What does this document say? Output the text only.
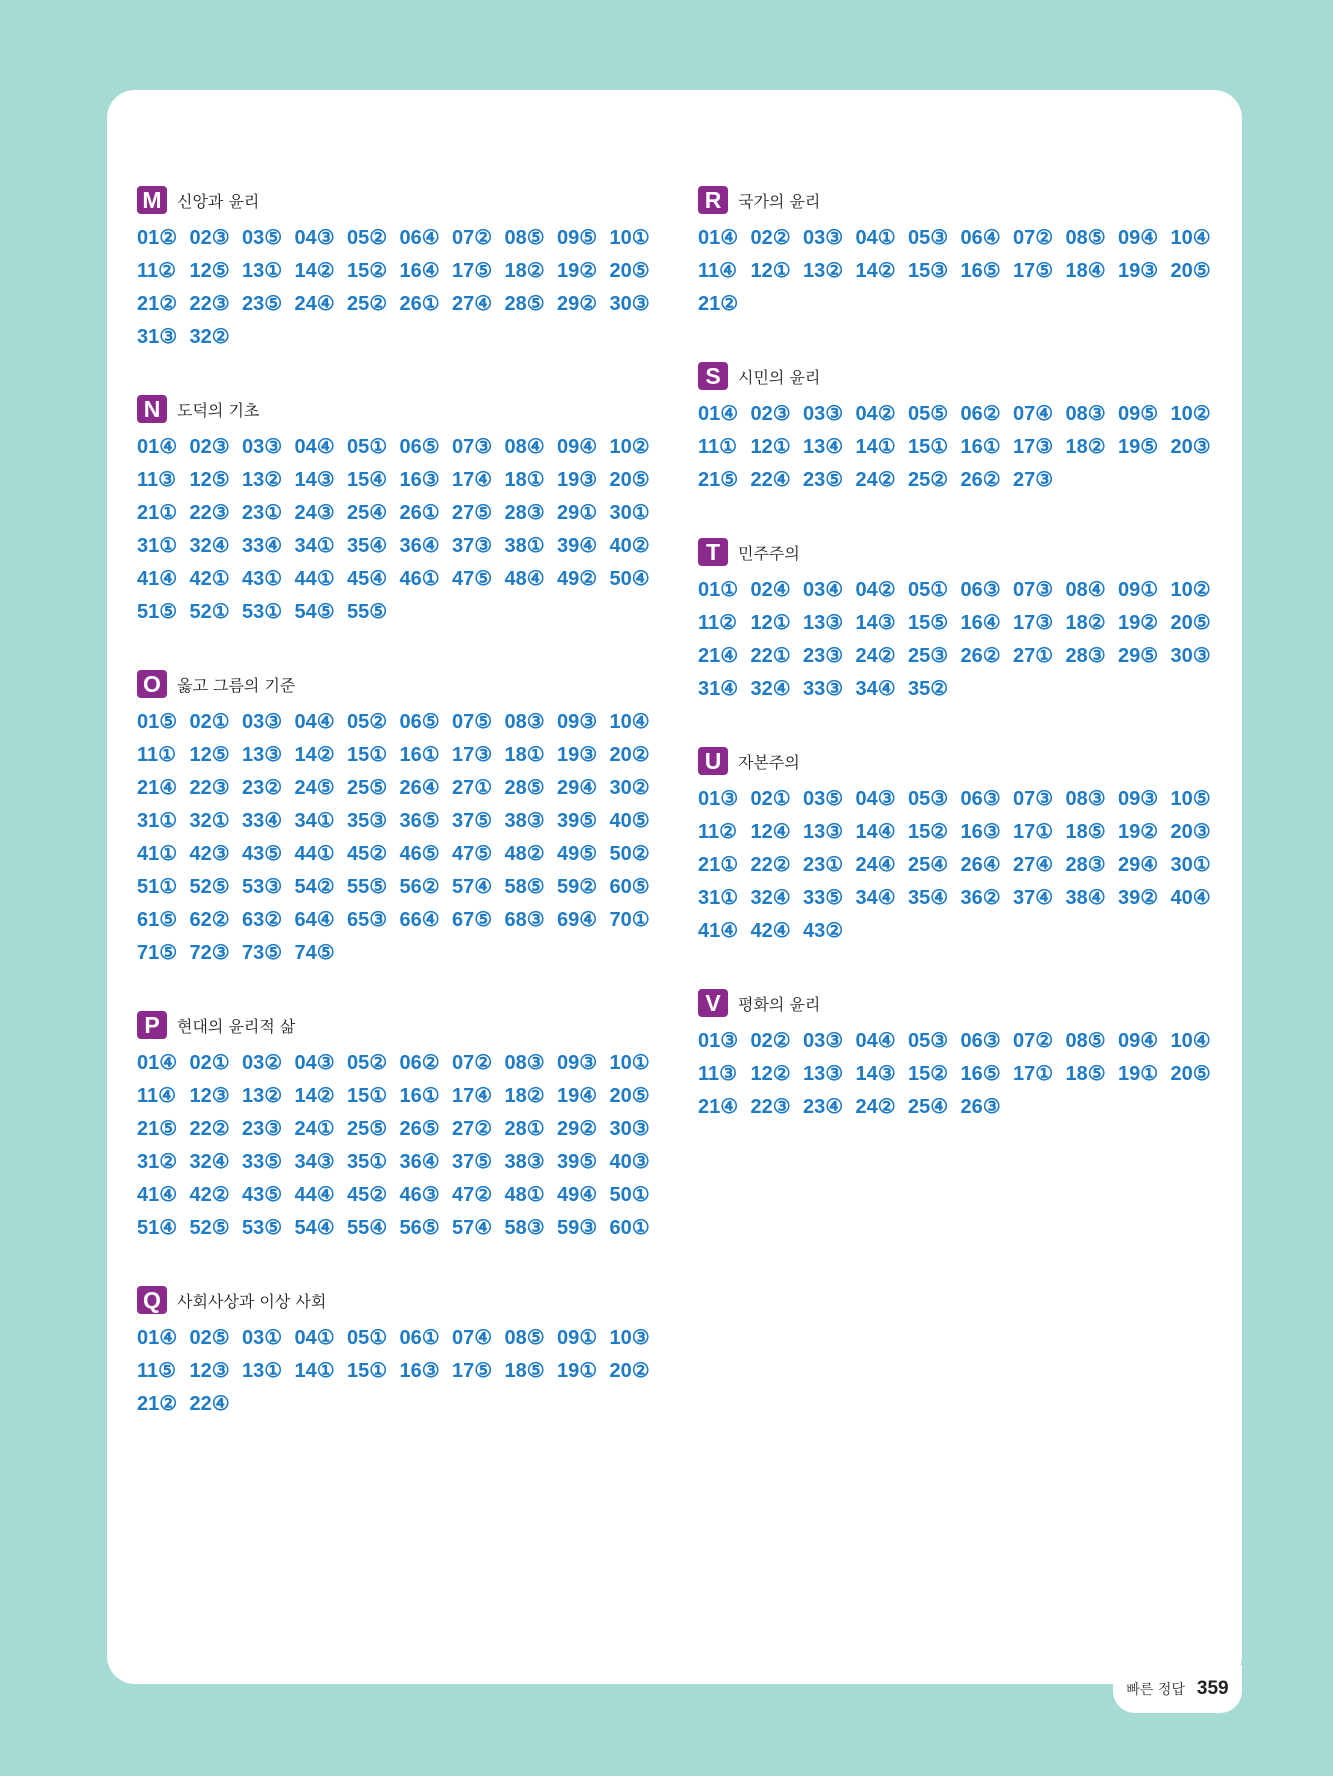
빠른 정답 359
M 신앙과 윤리
01② 02③ 03⑤ 04③ 05② 06④ 07② 08⑤ 09⑤ 10①
11② 12⑤ 13① 14② 15② 16④ 17⑤ 18② 19② 20⑤
21② 22③ 23⑤ 24④ 25② 26① 27④ 28⑤ 29② 30③
31③ 32②
N	도덕의 기초
01④ 02③ 03③ 04④ 05① 06⑤ 07③ 08④ 09④ 10②
11③ 12⑤ 13② 14③ 15④ 16③ 17④ 18① 19③ 20⑤
21① 22③ 23① 24③ 25④ 26① 27⑤ 28③ 29① 30①
31① 32④ 33④ 34① 35④ 36④ 37③ 38① 39④ 40②
41④ 42① 43① 44① 45④ 46① 47⑤ 48④ 49② 50④
51⑤ 52① 53① 54⑤ 55⑤
O	옳고 그름의 기준
01⑤ 02① 03③ 04④ 05② 06⑤ 07⑤ 08③ 09③ 10④
11① 12⑤ 13③ 14② 15① 16① 17③ 18① 19③ 20②
21④ 22③ 23② 24⑤ 25⑤ 26④ 27① 28⑤ 29④ 30②
31① 32① 33④ 34① 35③ 36⑤ 37⑤ 38③ 39⑤ 40⑤
41① 42③ 43⑤ 44① 45② 46⑤ 47⑤ 48② 49⑤ 50②
51① 52⑤ 53③ 54② 55⑤ 56② 57④ 58⑤ 59② 60⑤
61⑤ 62② 63② 64④ 65③ 66④ 67⑤ 68③ 69④ 70①
71⑤ 72③ 73⑤ 74⑤
P	현대의 윤리적 삶
01④ 02① 03② 04③ 05② 06② 07② 08③ 09③ 10①
11④ 12③ 13② 14② 15① 16① 17④ 18② 19④ 20⑤
21⑤ 22② 23③ 24① 25⑤ 26⑤ 27② 28① 29② 30③
31② 32④ 33⑤ 34③ 35① 36④ 37⑤ 38③ 39⑤ 40③
41④ 42② 43⑤ 44④ 45② 46③ 47② 48① 49④ 50①
51④ 52⑤ 53⑤ 54④ 55④ 56⑤ 57④ 58③ 59③ 60①
Q	사회사상과 이상 사회
01④ 02⑤ 03① 04① 05① 06① 07④ 08⑤ 09① 10③
11⑤ 12③ 13① 14① 15① 16③ 17⑤ 18⑤ 19① 20②
21② 22④
R	국가의 윤리
01④ 02② 03③ 04① 05③ 06④ 07② 08⑤ 09④ 10④
11④ 12① 13② 14② 15③ 16⑤ 17⑤ 18④ 19③ 20⑤
21②
S	시민의 윤리
01④ 02③ 03③ 04② 05⑤ 06② 07④ 08③ 09⑤ 10②
11① 12① 13④ 14① 15① 16① 17③ 18② 19⑤ 20③
21⑤ 22④ 23⑤ 24② 25② 26② 27③
T	민주주의
01① 02④ 03④ 04② 05① 06③ 07③ 08④ 09① 10②
11② 12① 13③ 14③ 15⑤ 16④ 17③ 18② 19② 20⑤
21④ 22① 23③ 24② 25③ 26② 27① 28③ 29⑤ 30③
31④ 32④ 33③ 34④ 35②
U	자본주의
01③ 02① 03⑤ 04③ 05③ 06③ 07③ 08③ 09③ 10⑤
11② 12④ 13③ 14④ 15② 16③ 17① 18⑤ 19② 20③
21① 22② 23① 24④ 25④ 26④ 27④ 28③ 29④ 30①
31① 32④ 33⑤ 34④ 35④ 36② 37④ 38④ 39② 40④
41④ 42④ 43②
V	평화의 윤리
01③ 02② 03③ 04④ 05③ 06③ 07② 08⑤ 09④ 10④
11③ 12② 13③ 14③ 15② 16⑤ 17① 18⑤ 19① 20⑤
21④ 22③ 23④ 24② 25④ 26③
